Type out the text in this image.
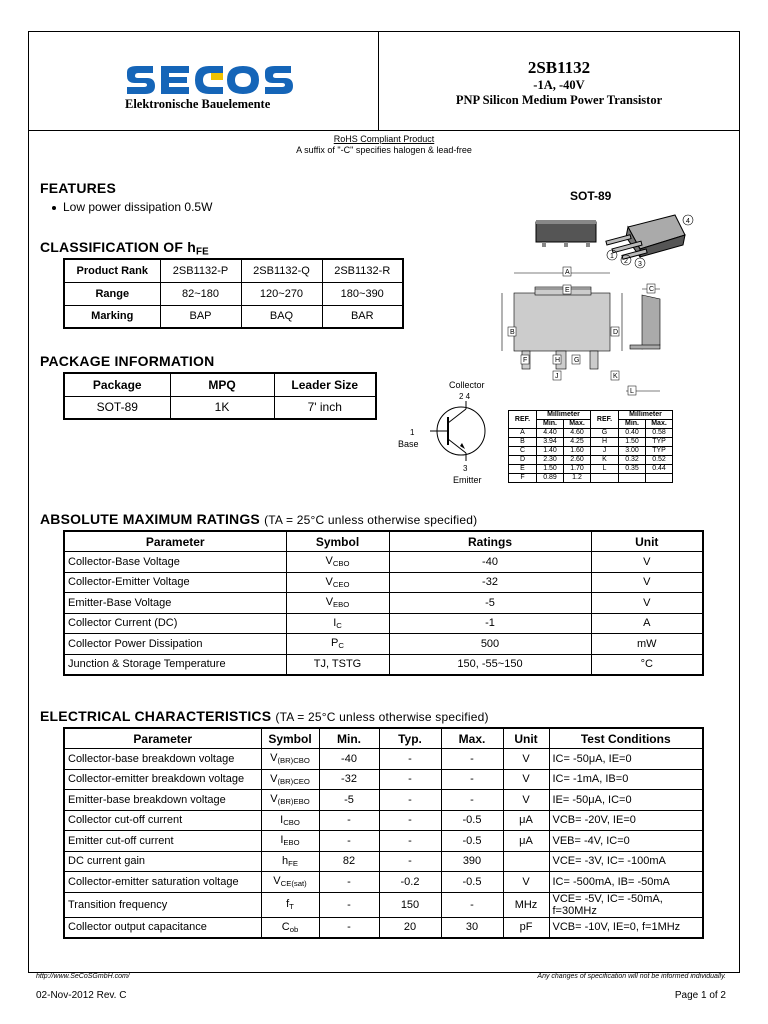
Elektronische Bauelemente
2SB1132
-1A, -40V
PNP Silicon Medium Power Transistor
RoHS Compliant Product
A suffix of "-C" specifies halogen & lead-free
FEATURES
Low power dissipation 0.5W
CLASSIFICATION OF $h_{FE}$
Product Rank	2SB1132-P	2SB1132-Q	2SB1132-R
Range	82~180	120~270	180~390
Marking	BAP	BAQ	BAR
PACKAGE INFORMATION
Package	MPQ	Leader Size
SOT-89	1K	7' inch
SOT-89
4
1
2 3
A
E
B	D
F	H G
J	K
C
L
Collector
2 4
1
Base
3
Emitter
REF.	Millimeter		REF.	Millimeter	
	Min.	Max.		Min.	Max.
A	4.40	4.60	G	0.40	0.58
B	3.94	4.25	H	1.50	TYP
C	1.40	1.60	J	3.00	TYP
D	2.30	2.60	K	0.32	0.52
E	1.50	1.70	L	0.35	0.44
F	0.89	1.2			
ABSOLUTE MAXIMUM RATINGS (TA = 25°C unless otherwise specified)
Parameter	Symbol	Ratings	Unit
Collector-Base Voltage	$V_{CBO}$	-40	V
Collector-Emitter Voltage	$V_{CEO}$	-32	V
Emitter-Base Voltage	$V_{EBO}$	-5	V
Collector Current (DC)	$I_C$	-1	A
Collector Power Dissipation	$P_C$	500	mW
Junction & Storage Temperature	TJ, TSTG	150, -55~150	°C
ELECTRICAL CHARACTERISTICS (TA = 25°C unless otherwise specified)
Parameter	Symbol	Min.	Typ.	Max.	Unit	Test Conditions
Collector-base breakdown voltage	$V_{(BR)CBO}$	-40	-	-	V	IC= -50μA, IE=0
Collector-emitter breakdown voltage	$V_{(BR)CEO}$	-32	-	-	V	IC= -1mA, IB=0
Emitter-base breakdown voltage	$V_{(BR)EBO}$	-5	-	-	V	IE= -50μA, IC=0
Collector cut-off current	$I_{CBO}$	-	-	-0.5	μA	VCB= -20V, IE=0
Emitter cut-off current	$I_{EBO}$	-	-	-0.5	μA	VEB= -4V, IC=0
DC current gain	$h_{FE}$	82	-	390		VCE= -3V, IC= -100mA
Collector-emitter saturation voltage	$V_{CE(sat)}$	-	-0.2	-0.5	V	IC= -500mA, IB= -50mA
Transition frequency	$f_T$	-	150	-	MHz	VCE= -5V, IC= -50mA, f=30MHz
Collector output capacitance	$C_{ob}$	-	20	30	pF	VCB= -10V, IE=0, f=1MHz
http://www.SeCoSGmbH.com/	Any changes of specification will not be informed individually.
02-Nov-2012 Rev. C	Page 1 of 2
